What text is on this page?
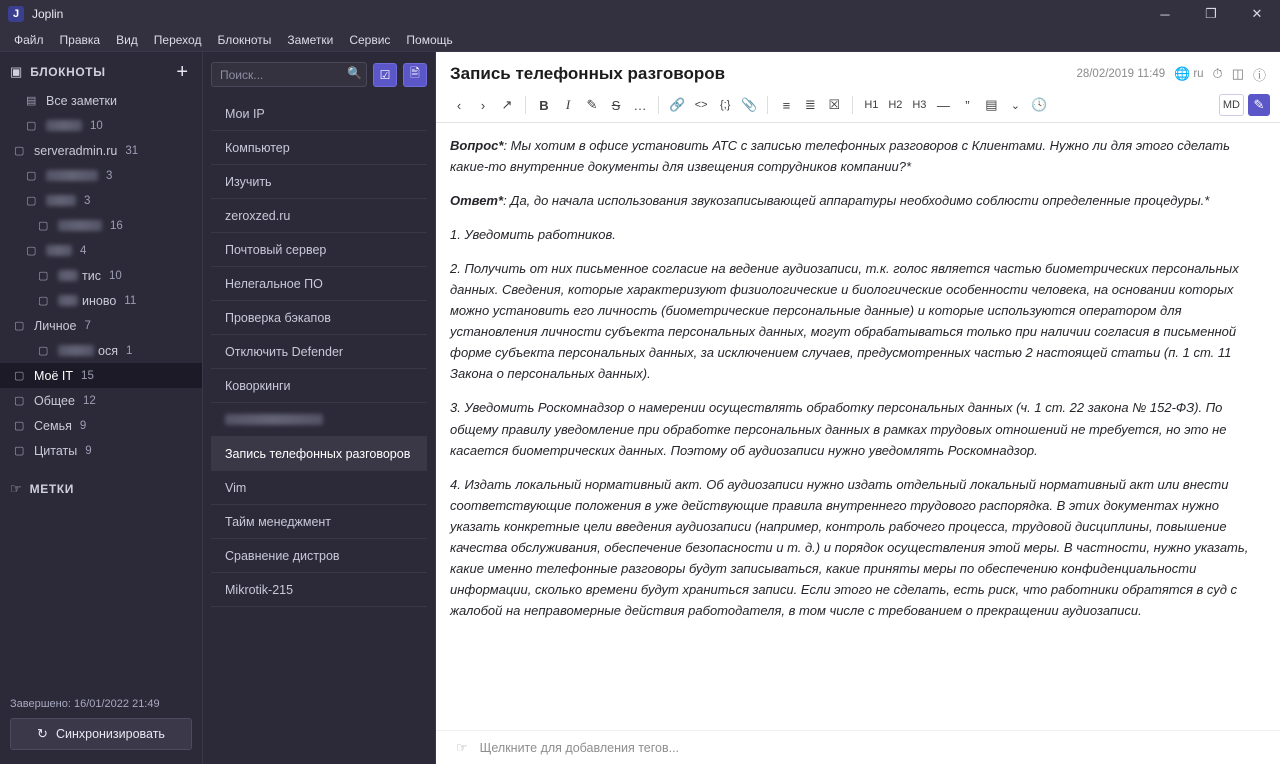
J	Joplin	─	❐	✕
Файл	Правка	Вид	Переход	Блокноты	Заметки	Сервис	Помощь
▣ БЛОКНОТЫ	+
▤ Все заметки
▢	10
▢ serveradmin.ru 31
▢	3
▢	3
▢	16
▢	4
▢	тис 10
▢	иново 11
▢ Личное 7
▢	ося 1
▢ Моё IT 15
▢ Общее 12
▢ Семья 9
▢ Цитаты 9
☞ МЕТКИ
Завершено: 16/01/2022 21:49
↻ Синхронизировать
Поиск...
🔍	☑	🖹
Мои IP
Компьютер
Изучить
zeroxzed.ru
Почтовый сервер
Нелегальное ПО
Проверка бэкапов
Отключить Defender
Коворкинги
Запись телефонных разговоров
Vim
Тайм менеджмент
Сравнение дистров
Mikrotik-215
Запись телефонных разговоров	28/02/2019 11:49 🌐 ru ⏱ ◫ ⓘ
‹	›	↗	B	I	✎	S	…	🔗 <>	{;} 📎	≡	≣ ☒	H1 H2 H3 —	”	▤	⌄ 🕓	MD	✎

Вопрос*: Мы хотим в офисе установить АТС с записью телефонных разговоров с Клиентами. Нужно ли для этого сделать какие-то внутренние документы для извещения сотрудников компании?*

Ответ*: Да, до начала использования звукозаписывающей аппаратуры необходимо соблюсти определенные процедуры.*

1. Уведомить работников.

2. Получить от них письменное согласие на ведение аудиозаписи, т.к. голос является частью биометрических персональных данных. Сведения, которые характеризуют физиологические и биологические особенности человека, на основании которых можно установить его личность (биометрические персональные данные) и которые используются оператором для установления личности субъекта персональных данных, могут обрабатываться только при наличии согласия в письменной форме субъекта персональных данных, за исключением случаев, предусмотренных частью 2 настоящей статьи (п. 1 ст. 11 Закона о персональных данных).

3. Уведомить Роскомнадзор о намерении осуществлять обработку персональных данных (ч. 1 ст. 22 закона № 152-ФЗ). По общему правилу уведомление при обработке персональных данных в рамках трудовых отношений не требуется, но это не касается биометрических данных. Поэтому об аудиозаписи нужно уведомлять Роскомнадзор.

4. Издать локальный нормативный акт. Об аудиозаписи нужно издать отдельный локальный нормативный акт или внести соответствующие положения в уже действующие правила внутреннего трудового распорядка. В этих документах нужно указать конкретные цели введения аудиозаписи (например, контроль рабочего процесса, трудовой дисциплины, повышение качества обслуживания, обеспечение безопасности и т. д.) и порядок осуществления этой меры. В частности, нужно указать, какие именно телефонные разговоры будут записываться, какие приняты меры по обеспечению конфиденциальности информации, сколько времени будут храниться записи. Если этого не сделать, есть риск, что работники обратятся в суд с жалобой на неправомерные действия работодателя, в том числе с требованием о прекращении аудиозаписи.

☞ Щелкните для добавления тегов...
